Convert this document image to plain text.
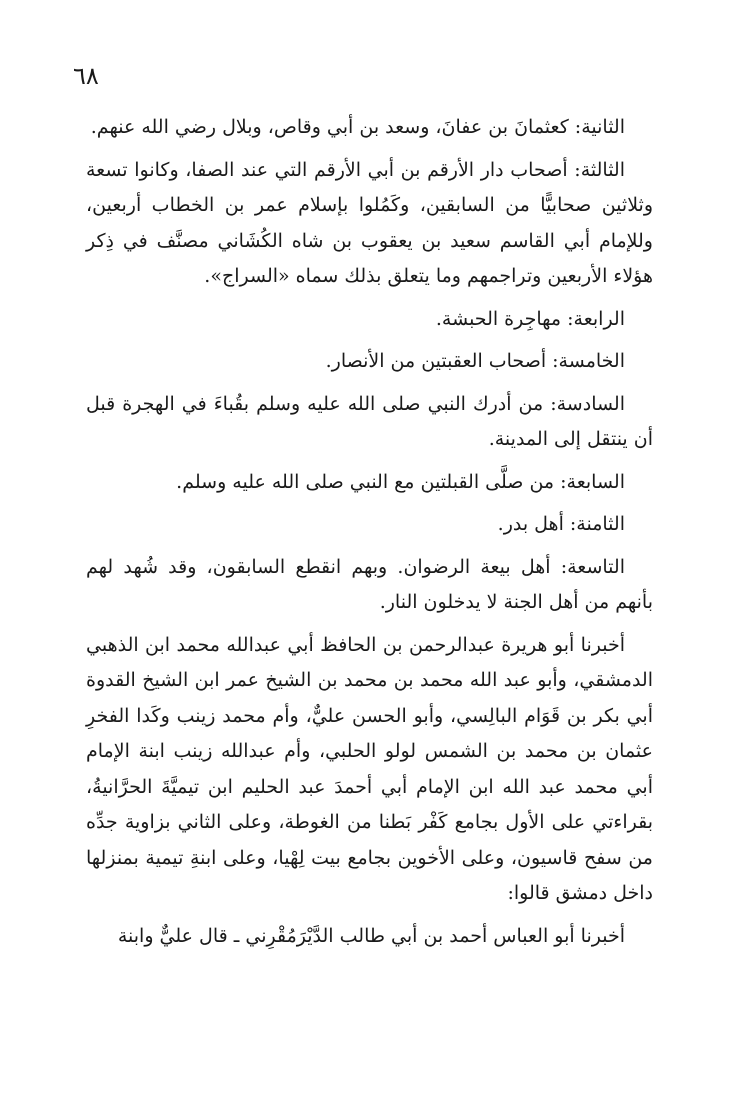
٦٨

الثانية: كعثمانَ بن عفانَ، وسعد بن أبي وقاص، وبلال رضي الله عنهم.

الثالثة: أصحاب دار الأرقم بن أبي الأرقم التي عند الصفا، وكانوا تسعة وثلاثين صحابيًّا من السابقين، وكَمُلوا بإسلام عمر بن الخطاب أربعين، وللإمام أبي القاسم سعيد بن يعقوب بن شاه الكُشَاني مصنَّف في ذِكر هؤلاء الأربعين وتراجمهم وما يتعلق بذلك سماه «السراج».

الرابعة: مهاجِرة الحبشة.

الخامسة: أصحاب العقبتين من الأنصار.

السادسة: من أدرك النبي صلى الله عليه وسلم بقُباءَ في الهجرة قبل أن ينتقل إلى المدينة.

السابعة: من صلَّى القبلتين مع النبي صلى الله عليه وسلم.

الثامنة: أهل بدر.

التاسعة: أهل بيعة الرضوان. وبهم انقطع السابقون، وقد شُهد لهم بأنهم من أهل الجنة لا يدخلون النار.

أخبرنا أبو هريرة عبدالرحمن بن الحافظ أبي عبدالله محمد ابن الذهبي الدمشقي، وأبو عبد الله محمد بن محمد بن الشيخ عمر ابن الشيخ القدوة أبي بكر بن قَوَام البالِسي، وأبو الحسن عليٌّ، وأم محمد زينب وكَدا الفخرِ عثمان بن محمد بن الشمس لولو الحلبي، وأم عبدالله زينب ابنة الإمام أبي محمد عبد الله ابن الإمام أبي أحمدَ عبد الحليم ابن تيميَّةَ الحرَّانيةُ، بقراءتي على الأول بجامع كَفْر بَطنا من الغوطة، وعلى الثاني بزاوية جدِّه من سفح قاسيون، وعلى الأخوين بجامع بيت لِهْيا، وعلى ابنةِ تيمية بمنزلها داخل دمشق قالوا:

أخبرنا أبو العباس أحمد بن أبي طالب الدَّيْرَمُقْرِني ـ قال عليٌّ وابنة
